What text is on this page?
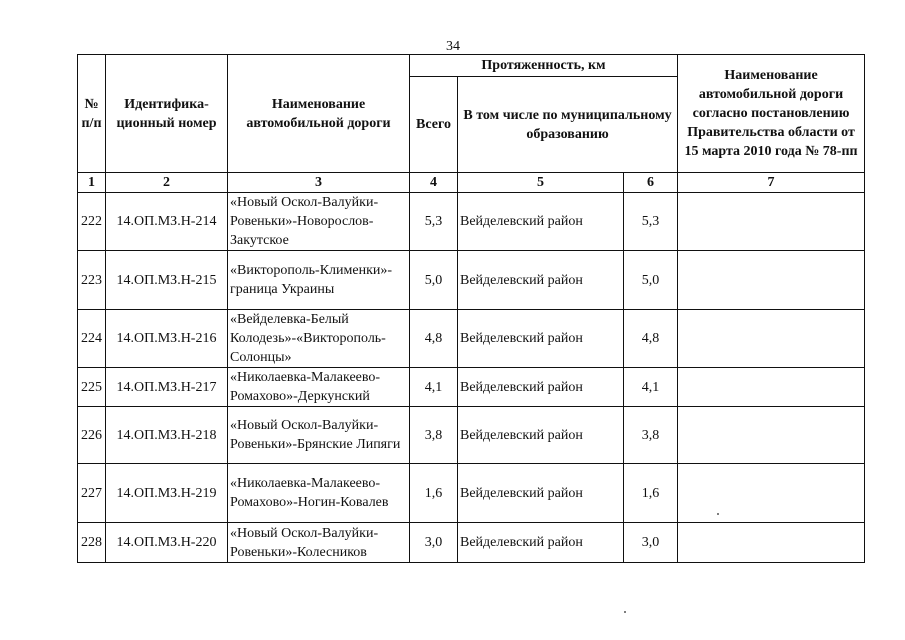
34
№ п/п	Идентифика-ционный номер	Наименование автомобильной дороги	Протяженность, км			Наименование автомобильной дороги согласно постановлению Правительства области от 15 марта 2010 года № 78-пп
			Всего	В том числе по муниципальному образованию		
1	2	3	4	5	6	7
222	14.ОП.МЗ.Н-214	«Новый Оскол-Валуйки-Ровеньки»-Новорослов-Закутское	5,3	Вейделевский район	5,3	
223	14.ОП.МЗ.Н-215	«Викторополь-Клименки»-граница Украины	5,0	Вейделевский район	5,0	
224	14.ОП.МЗ.Н-216	«Вейделевка-Белый Колодезь»-«Викторополь-Солонцы»	4,8	Вейделевский район	4,8	
225	14.ОП.МЗ.Н-217	«Николаевка-Малакеево-Ромахово»-Деркунский	4,1	Вейделевский район	4,1	
226	14.ОП.МЗ.Н-218	«Новый Оскол-Валуйки-Ровеньки»-Брянские Липяги	3,8	Вейделевский район	3,8	
227	14.ОП.МЗ.Н-219	«Николаевка-Малакеево-Ромахово»-Ногин-Ковалев	1,6	Вейделевский район	1,6	
228	14.ОП.МЗ.Н-220	«Новый Оскол-Валуйки-Ровеньки»-Колесников	3,0	Вейделевский район	3,0	
